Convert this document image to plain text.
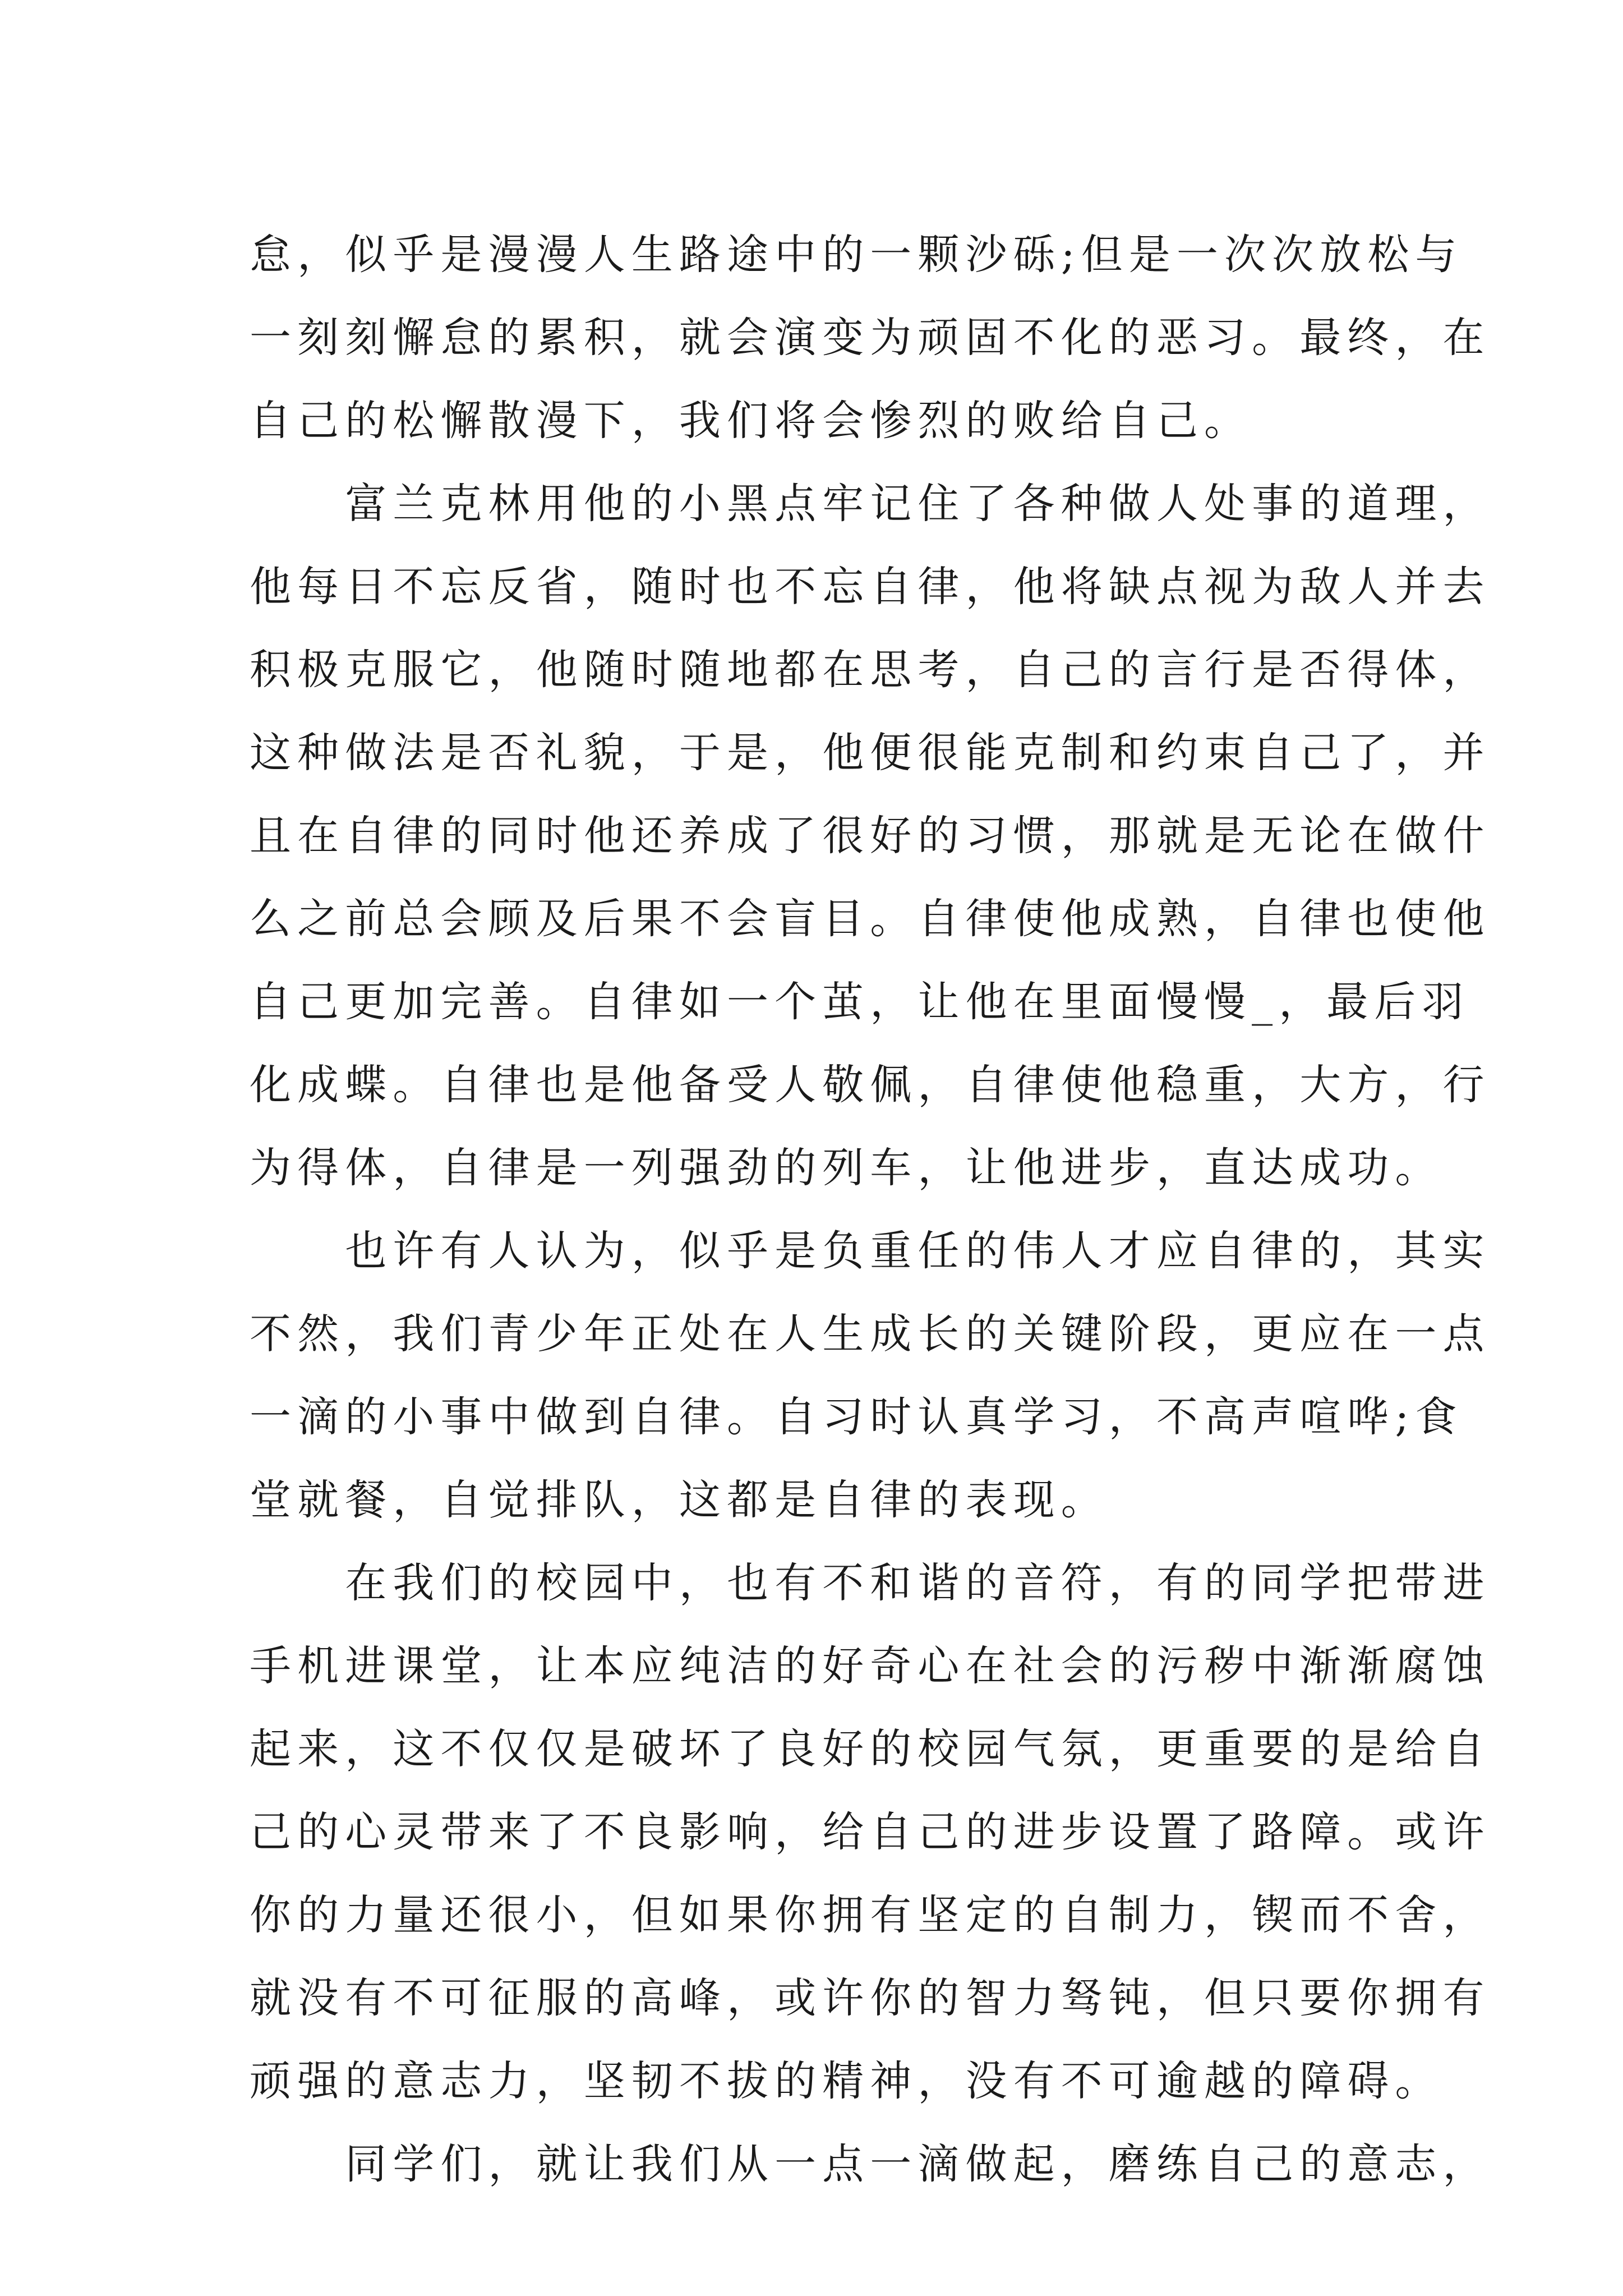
怠，似乎是漫漫人生路途中的一颗沙砾;但是一次次放松与
一刻刻懈怠的累积，就会演变为顽固不化的恶习。最终，在
自己的松懈散漫下，我们将会惨烈的败给自己。
富兰克林用他的小黑点牢记住了各种做人处事的道理，
他每日不忘反省，随时也不忘自律，他将缺点视为敌人并去
积极克服它，他随时随地都在思考，自己的言行是否得体，
这种做法是否礼貌，于是，他便很能克制和约束自己了，并
且在自律的同时他还养成了很好的习惯，那就是无论在做什
么之前总会顾及后果不会盲目。自律使他成熟，自律也使他
自己更加完善。自律如一个茧，让他在里面慢慢_，最后羽
化成蝶。自律也是他备受人敬佩，自律使他稳重，大方，行
为得体，自律是一列强劲的列车，让他进步，直达成功。
也许有人认为，似乎是负重任的伟人才应自律的，其实
不然，我们青少年正处在人生成长的关键阶段，更应在一点
一滴的小事中做到自律。自习时认真学习，不高声喧哗;食
堂就餐，自觉排队，这都是自律的表现。
在我们的校园中，也有不和谐的音符，有的同学把带进
手机进课堂，让本应纯洁的好奇心在社会的污秽中渐渐腐蚀
起来，这不仅仅是破坏了良好的校园气氛，更重要的是给自
己的心灵带来了不良影响，给自己的进步设置了路障。或许
你的力量还很小，但如果你拥有坚定的自制力，锲而不舍，
就没有不可征服的高峰，或许你的智力驽钝，但只要你拥有
顽强的意志力，坚韧不拔的精神，没有不可逾越的障碍。
同学们，就让我们从一点一滴做起，磨练自己的意志，
